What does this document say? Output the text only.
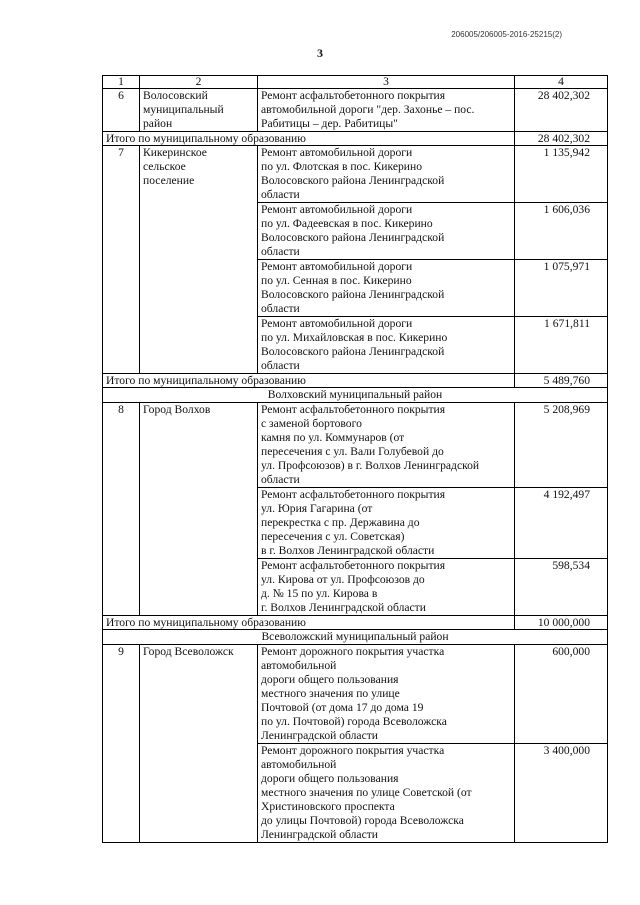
206005/206005-2016-25215(2)
3
1	2	3	4
6	Волосовский
муниципальный
район	Ремонт асфальтобетонного покрытия
автомобильной дороги "дер. Захонье – пос. Рабитицы – дер. Рабитицы"	28 402,302
Итого по муниципальному образованию			28 402,302
7	Кикеринское
сельское
поселение	Ремонт автомобильной дороги
по ул. Флотская в пос. Кикерино
Волосовского района Ленинградской
области	1 135,942
		Ремонт автомобильной дороги
по ул. Фадеевская в пос. Кикерино
Волосовского района Ленинградской
области	1 606,036
		Ремонт автомобильной дороги
по ул. Сенная в пос. Кикерино
Волосовского района Ленинградской
области	1 075,971
		Ремонт автомобильной дороги
по ул. Михайловская в пос. Кикерино
Волосовского района Ленинградской
области	1 671,811
Итого по муниципальному образованию			5 489,760
Волховский муниципальный район			
8	Город Волхов	Ремонт асфальтобетонного покрытия
с заменой бортового
камня по ул. Коммунаров (от
пересечения с ул. Вали Голубевой до
ул. Профсоюзов) в г. Волхов Ленинградской области	5 208,969
		Ремонт асфальтобетонного покрытия
ул. Юрия Гагарина (от
перекрестка с пр. Державина до
пересечения с ул. Советская)
в г. Волхов Ленинградской области	4 192,497
		Ремонт асфальтобетонного покрытия
ул. Кирова от ул. Профсоюзов до
д. № 15 по ул. Кирова в
г. Волхов Ленинградской области	598,534
Итого по муниципальному образованию			10 000,000
Всеволожский муниципальный район			
9	Город Всеволожск	Ремонт дорожного покрытия участка автомобильной
дороги общего пользования
местного значения по улице
Почтовой (от дома 17 до дома 19
по ул. Почтовой) города Всеволожска Ленинградской области	600,000
		Ремонт дорожного покрытия участка автомобильной
дороги общего пользования
местного значения по улице Советской (от Христиновского проспекта
до улицы Почтовой) города Всеволожска Ленинградской области	3 400,000
